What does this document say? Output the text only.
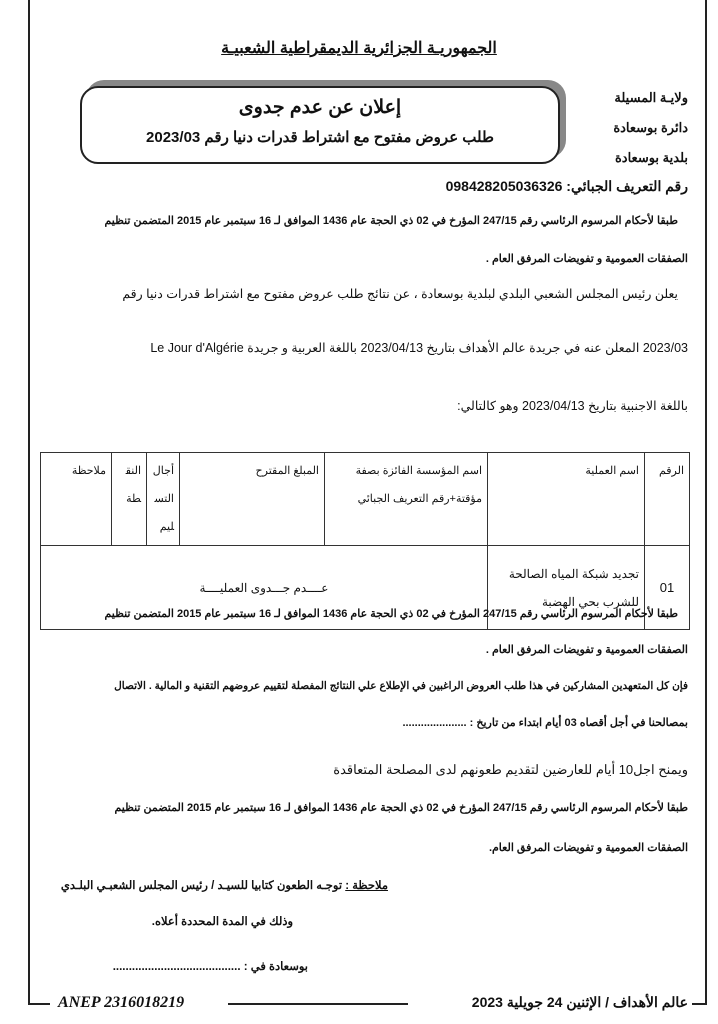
الجمهوريـة الجزائرية الديمقراطية الشعبيـة
ولايـة المسيلة
دائرة بوسعادة
بلدية بوسعادة
إعلان عن عدم جدوى
طلب عروض مفتوح مع اشتراط قدرات دنيا رقم 2023/03
رقم التعريف الجبائي: 09842820503632​6
طبقا لأحكام المرسوم الرئاسي رقم 247/15 المؤرخ في 02 ذي الحجة عام 1436 الموافق لـ 16 سبتمبر عام 2015 المتضمن تنظيم
الصفقات العمومية و تفويضات المرفق العام .
يعلن رئيس المجلس الشعبي البلدي لبلدية بوسعادة ، عن نتائج طلب عروض مفتوح مع اشتراط قدرات دنيا رقم
2023/03 المعلن عنه في جريدة عالم الأهداف بتاريخ 2023/04/13 باللغة العربية و جريدة Le Jour d'Algérie
باللغة الاجنبية بتاريخ 2023/04/13 وهو كالتالي:
الرقم	اسم العملية	اسم المؤسسة الفائزة بصفة مؤقتة+رقم التعريف الجبائي	المبلغ المقترح	أجال التسليم	النقطة	ملاحظة
01	تجديد شبكة المياه الصالحة للشرب بحي الهضبة	عــــدم جـــدوى العمليــــة				
طبقا لأحكام المرسوم الرئاسي رقم 247/15 المؤرخ في 02 ذي الحجة عام 1436 الموافق لـ 16 سبتمبر عام 2015 المتضمن تنظيم
الصفقات العمومية و تفويضات المرفق العام .
فإن كل المتعهدين المشاركين في هذا طلب العروض الراغبين في الإطلاع علي النتائج المفصلة لتقييم عروضهم التقنية و المالية . الاتصال
بمصالحنا في أجل أقصاه 03 أيام ابتداء من تاريخ : .....................
ويمنح اجل10 أيام للعارضين لتقديم طعونهم لدى المصلحة المتعاقدة
طبقا لأحكام المرسوم الرئاسي رقم 247/15 المؤرخ في 02 ذي الحجة عام 1436 الموافق لـ 16 سبتمبر عام 2015 المتضمن تنظيم
الصفقات العمومية و تفويضات المرفق العام.
ملاحظة : توجـه الطعون كتابيا للسيـد / رئيس المجلس الشعبـي البلـدي
وذلك في المدة المحددة أعلاه.
بوسعادة في : ........................................
ANEP 2316018219	عالم الأهداف / الإثنين 24 جويلية 2023
